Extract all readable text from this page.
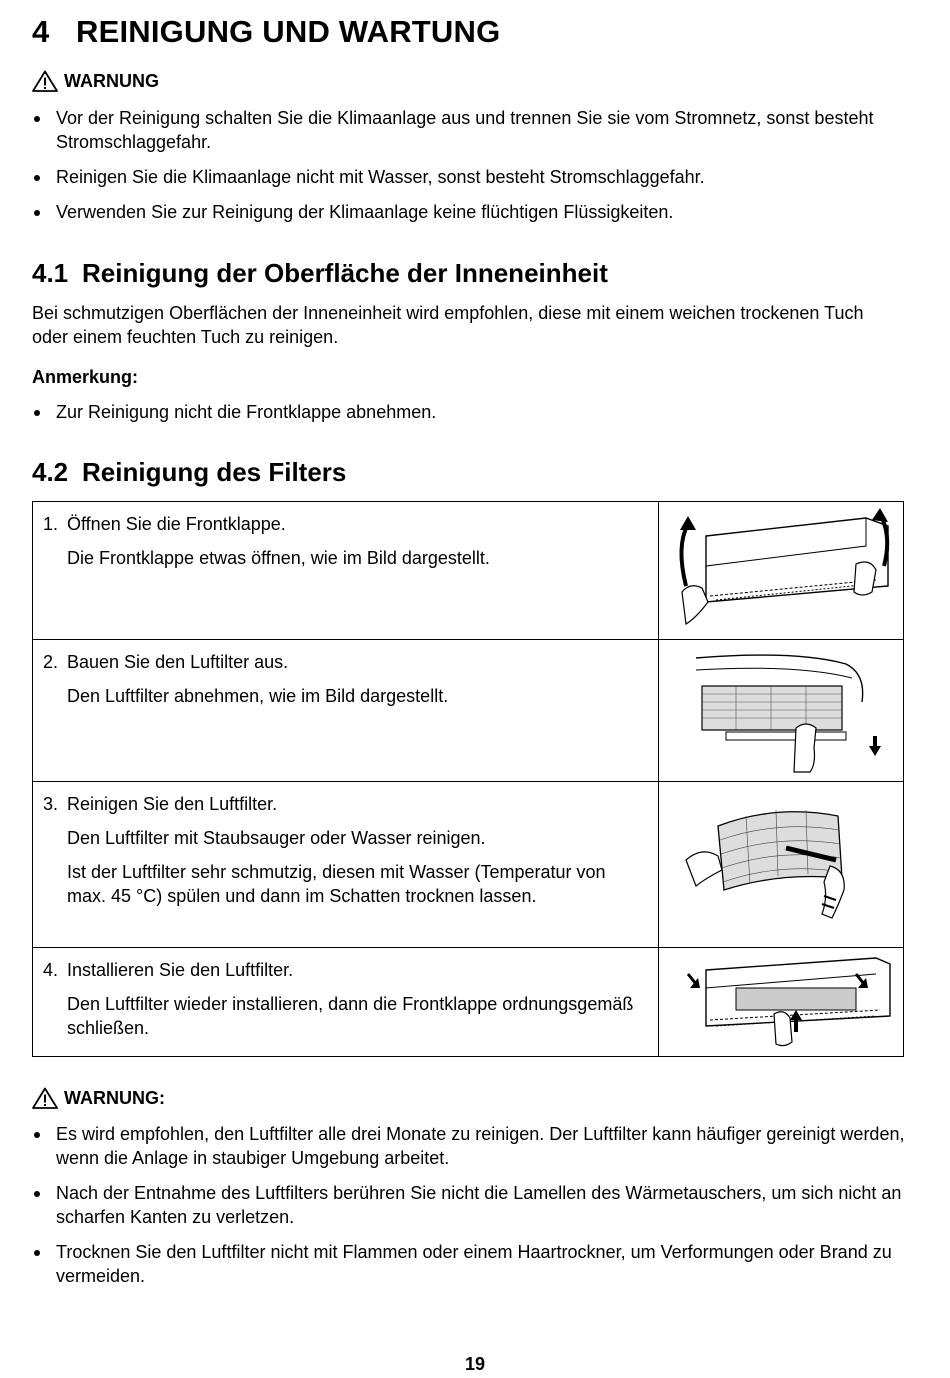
4 REINIGUNG UND WARTUNG
WARNUNG
Vor der Reinigung schalten Sie die Klimaanlage aus und trennen Sie sie vom Stromnetz, sonst besteht Stromschlaggefahr.
Reinigen Sie die Klimaanlage nicht mit Wasser, sonst besteht Stromschlaggefahr.
Verwenden Sie zur Reinigung der Klimaanlage keine flüchtigen Flüssigkeiten.
4.1 Reinigung der Oberfläche der Inneneinheit

Bei schmutzigen Oberflächen der Inneneinheit wird empfohlen, diese mit einem weichen trockenen Tuch oder einem feuchten Tuch zu reinigen.

Anmerkung:
Zur Reinigung nicht die Frontklappe abnehmen.
4.2 Reinigung des Filters
1. Öffnen Sie die Frontklappe.
Die Frontklappe etwas öffnen, wie im Bild dargestellt.

2. Bauen Sie den Luftilter aus.
Den Luftfilter abnehmen, wie im Bild dargestellt.

3. Reinigen Sie den Luftfilter.
Den Luftfilter mit Staubsauger oder Wasser reinigen.
Ist der Luftfilter sehr schmutzig, diesen mit Wasser (Temperatur von max. 45 °C) spülen und dann im Schatten trocknen lassen.

4. Installieren Sie den Luftfilter.
Den Luftfilter wieder installieren, dann die Frontklappe ordnungsgemäß schließen.

WARNUNG:
Es wird empfohlen, den Luftfilter alle drei Monate zu reinigen. Der Luftfilter kann häufiger gereinigt werden, wenn die Anlage in staubiger Umgebung arbeitet.
Nach der Entnahme des Luftfilters berühren Sie nicht die Lamellen des Wärmetauschers, um sich nicht an scharfen Kanten zu verletzen.
Trocknen Sie den Luftfilter nicht mit Flammen oder einem Haartrockner, um Verformungen oder Brand zu vermeiden.
19
